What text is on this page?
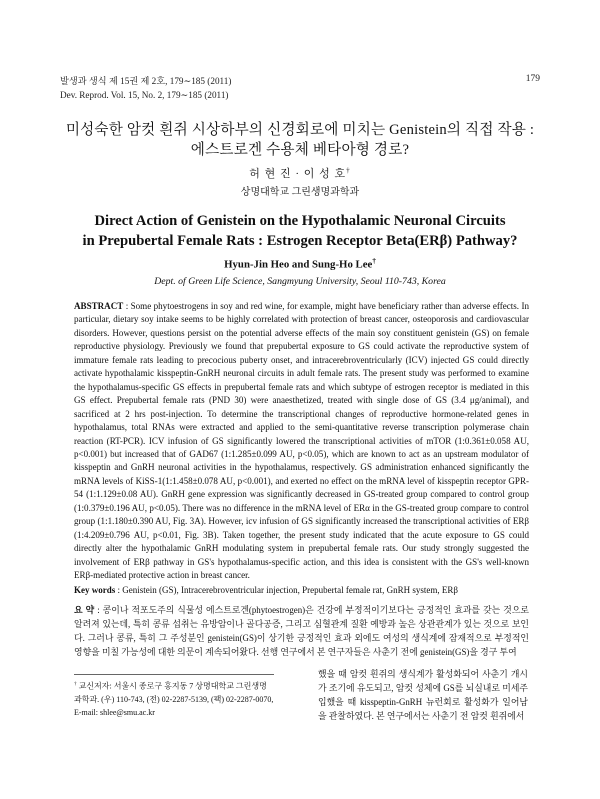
발생과 생식 제 15권 제 2호, 179∼185 (2011)
Dev. Reprod. Vol. 15, No. 2, 179∼185 (2011)
179
미성숙한 암컷 흰쥐 시상하부의 신경회로에 미치는 Genistein의 직접 작용 :
에스트로겐 수용체 베타아형 경로?
허 현 진 · 이 성 호†
상명대학교 그린생명과학과
Direct Action of Genistein on the Hypothalamic Neuronal Circuits
in Prepubertal Female Rats : Estrogen Receptor Beta(ERβ) Pathway?
Hyun-Jin Heo and Sung-Ho Lee†
Dept. of Green Life Science, Sangmyung University, Seoul 110-743, Korea

ABSTRACT : Some phytoestrogens in soy and red wine, for example, might have beneficiary rather than adverse effects. In particular, dietary soy intake seems to be highly correlated with protection of breast cancer, osteoporosis and cardiovascular disorders. However, questions persist on the potential adverse effects of the main soy constituent genistein (GS) on female reproductive physiology. Previously we found that prepubertal exposure to GS could activate the reproductive system of immature female rats leading to precocious puberty onset, and intracerebroventricularly (ICV) injected GS could directly activate hypothalamic kisspeptin-GnRH neuronal circuits in adult female rats. The present study was performed to examine the hypothalamus-specific GS effects in prepubertal female rats and which subtype of estrogen receptor is mediated in this GS effect. Prepubertal female rats (PND 30) were anaesthetized, treated with single dose of GS (3.4 μg/animal), and sacrificed at 2 hrs post-injection. To determine the transcriptional changes of reproductive hormone-related genes in hypothalamus, total RNAs were extracted and applied to the semi-quantitative reverse transcription polymerase chain reaction (RT-PCR). ICV infusion of GS significantly lowered the transcriptional activities of mTOR (1:0.361±0.058 AU, p<0.001) but increased that of GAD67 (1:1.285±0.099 AU, p<0.05), which are known to act as an upstream modulator of kisspeptin and GnRH neuronal activities in the hypothalamus, respectively. GS administration enhanced significantly the mRNA levels of KiSS-1(1:1.458±0.078 AU, p<0.001), and exerted no effect on the mRNA level of kisspeptin receptor GPR-54 (1:1.129±0.08 AU). GnRH gene expression was significantly decreased in GS-treated group compared to control group (1:0.379±0.196 AU, p<0.05). There was no difference in the mRNA level of ERα in the GS-treated group compare to control group (1:1.180±0.390 AU, Fig. 3A). However, icv infusion of GS significantly increased the transcriptional activities of ERβ (1:4.209±0.796 AU, p<0.01, Fig. 3B). Taken together, the present study indicated that the acute exposure to GS could directly alter the hypothalamic GnRH modulating system in prepubertal female rats. Our study strongly suggested the involvement of ERβ pathway in GS's hypothalamus-specific action, and this idea is consistent with the GS's well-known ERβ-mediated protective action in breast cancer.

Key words : Genistein (GS), Intracerebroventricular injection, Prepubertal female rat, GnRH system, ERβ

요 약 : 콩이나 적포도주의 식물성 에스트로겐(phytoestrogen)은 건강에 부정적이기보다는 긍정적인 효과를 갖는 것으로 알려져 있는데, 특히 콩류 섭취는 유방암이나 골다공증, 그리고 심혈관계 질환 예방과 높은 상관관계가 있는 것으로 보인다. 그러나 콩류, 특히 그 주성분인 genistein(GS)이 상기한 긍정적인 효과 외에도 여성의 생식계에 잠재적으로 부정적인 영향을 미칠 가능성에 대한 의문이 계속되어왔다. 선행 연구에서 본 연구자들은 사춘기 전에 genistein(GS)을 경구 투여

했을 때 암컷 흰쥐의 생식계가 활성화되어 사춘기 개시가 조기에 유도되고, 암컷 성체에 GS를 뇌실내로 미세주입했을 때 kisspeptin-GnRH 뉴런회로 활성화가 일어남을 관찰하였다. 본 연구에서는 사춘기 전 암컷 흰쥐에서

† 교신저자: 서울시 종로구 홍지동 7 상명대학교 그린생명과학과. (우) 110-743, (전) 02-2287-5139, (팩) 02-2287-0070, E-mail: shlee@smu.ac.kr
